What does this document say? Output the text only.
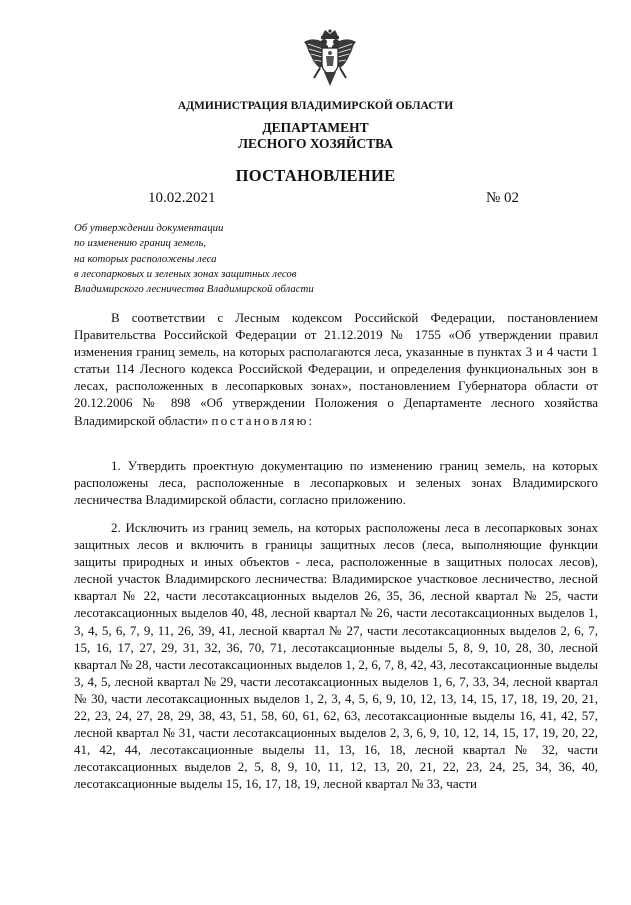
АДМИНИСТРАЦИЯ ВЛАДИМИРСКОЙ ОБЛАСТИ
ДЕПАРТАМЕНТ
ЛЕСНОГО ХОЗЯЙСТВА
ПОСТАНОВЛЕНИЕ
10.02.2021	№ 02
Об утверждении документации
по изменению границ земель,
на которых расположены леса
в лесопарковых и зеленых зонах защитных лесов
Владимирского лесничества Владимирской области

В соответствии с Лесным кодексом Российской Федерации, постановлением Правительства Российской Федерации от 21.12.2019 № 1755 «Об утверждении правил изменения границ земель, на которых располагаются леса, указанные в пунктах 3 и 4 части 1 статьи 114 Лесного кодекса Российской Федерации, и определения функциональных зон в лесах, расположенных в лесопарковых зонах», постановлением Губернатора области от 20.12.2006 № 898 «Об утверждении Положения о Департаменте лесного хозяйства Владимирской области» постановляю:

1. Утвердить проектную документацию по изменению границ земель, на которых расположены леса, расположенные в лесопарковых и зеленых зонах Владимирского лесничества Владимирской области, согласно приложению.

2. Исключить из границ земель, на которых расположены леса в лесопарковых зонах защитных лесов и включить в границы защитных лесов (леса, выполняющие функции защиты природных и иных объектов - леса, расположенные в защитных полосах лесов), лесной участок Владимирского лесничества: Владимирское участковое лесничество, лесной квартал № 22, части лесотаксационных выделов 26, 35, 36, лесной квартал № 25, части лесотаксационных выделов 40, 48, лесной квартал № 26, части лесотаксационных выделов 1, 3, 4, 5, 6, 7, 9, 11, 26, 39, 41, лесной квартал № 27, части лесотаксационных выделов 2, 6, 7, 15, 16, 17, 27, 29, 31, 32, 36, 70, 71, лесотаксационные выделы 5, 8, 9, 10, 28, 30, лесной квартал № 28, части лесотаксационных выделов 1, 2, 6, 7, 8, 42, 43, лесотаксационные выделы 3, 4, 5, лесной квартал № 29, части лесотаксационных выделов 1, 6, 7, 33, 34, лесной квартал № 30, части лесотаксационных выделов 1, 2, 3, 4, 5, 6, 9, 10, 12, 13, 14, 15, 17, 18, 19, 20, 21, 22, 23, 24, 27, 28, 29, 38, 43, 51, 58, 60, 61, 62, 63, лесотаксационные выделы 16, 41, 42, 57, лесной квартал № 31, части лесотаксационных выделов 2, 3, 6, 9, 10, 12, 14, 15, 17, 19, 20, 22, 41, 42, 44, лесотаксационные выделы 11, 13, 16, 18, лесной квартал № 32, части лесотаксационных выделов 2, 5, 8, 9, 10, 11, 12, 13, 20, 21, 22, 23, 24, 25, 34, 36, 40, лесотаксационные выделы 15, 16, 17, 18, 19, лесной квартал № 33, части
